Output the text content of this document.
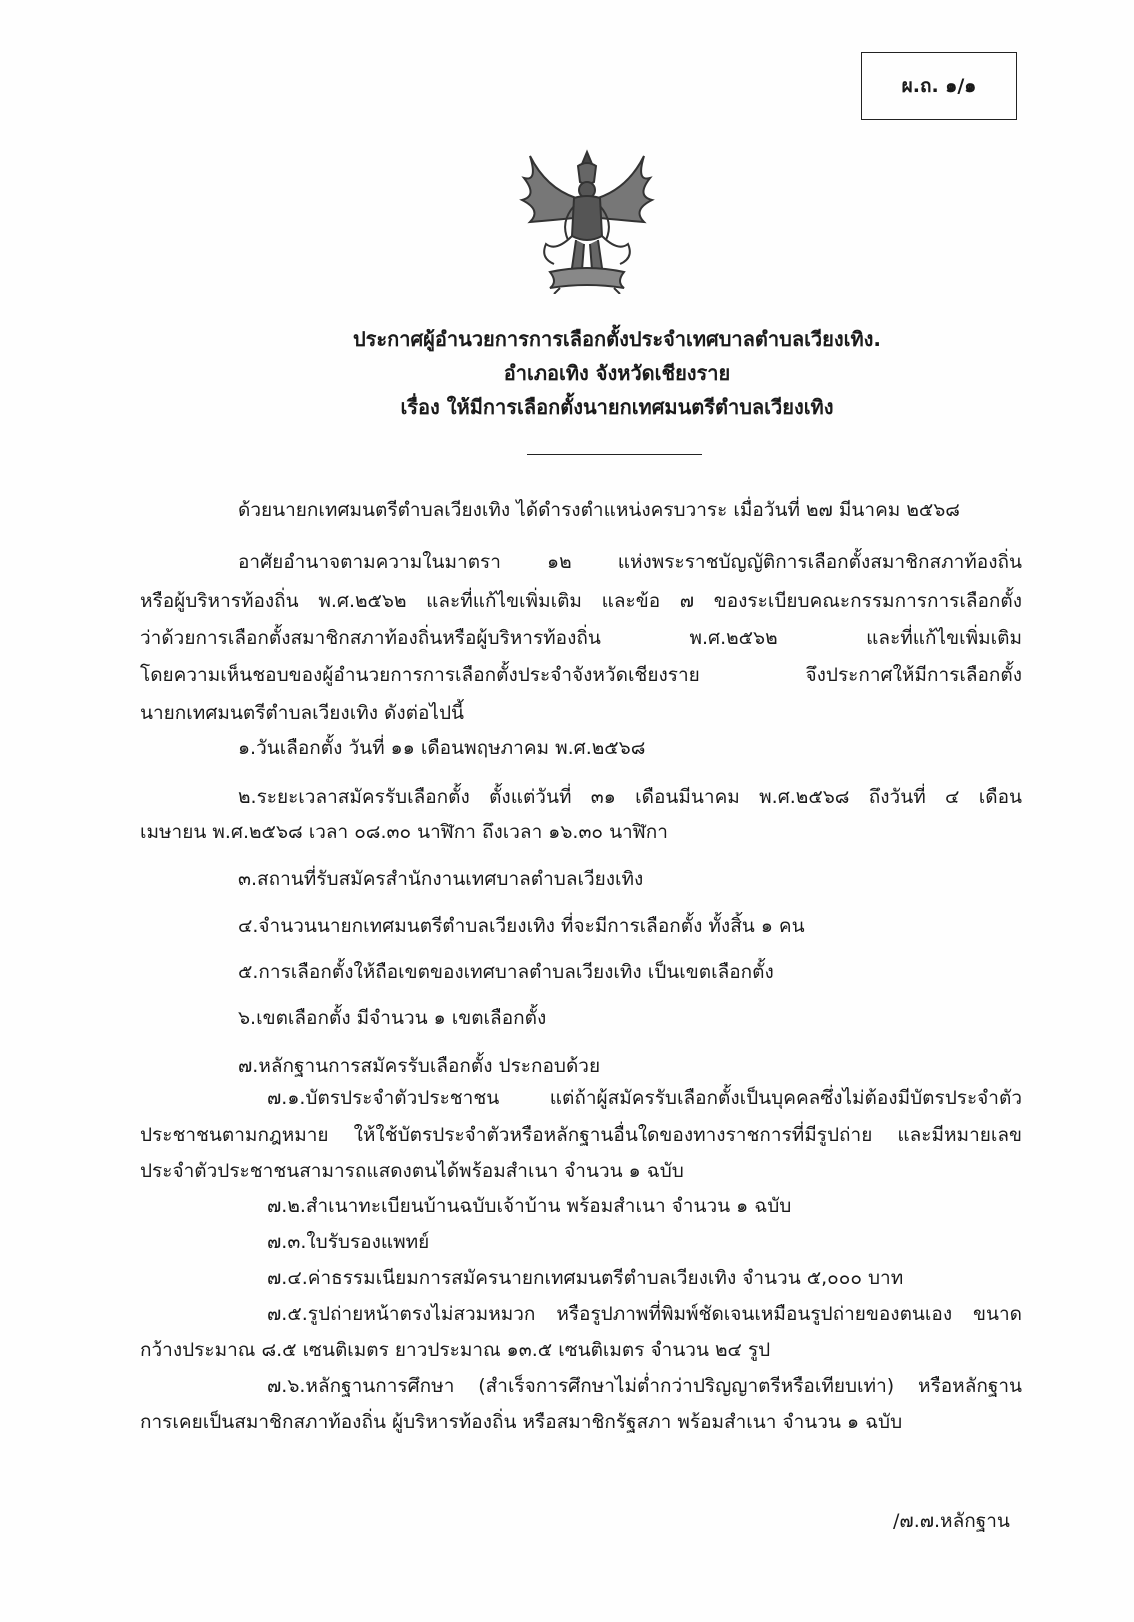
ผ.ถ. ๑/๑
ประกาศผู้อำนวยการการเลือกตั้งประจำเทศบาลตำบลเวียงเทิง.
อำเภอเทิง จังหวัดเชียงราย
เรื่อง ให้มีการเลือกตั้งนายกเทศมนตรีตำบลเวียงเทิง
ด้วยนายกเทศมนตรีตำบลเวียงเทิง ได้ดำรงตำแหน่งครบวาระ เมื่อวันที่ ๒๗ มีนาคม ๒๕๖๘
อาศัยอำนาจตามความในมาตรา ๑๒ แห่งพระราชบัญญัติการเลือกตั้งสมาชิกสภาท้องถิ่น
หรือผู้บริหารท้องถิ่น พ.ศ.๒๕๖๒ และที่แก้ไขเพิ่มเติม และข้อ ๗ ของระเบียบคณะกรรมการการเลือกตั้ง
ว่าด้วยการเลือกตั้งสมาชิกสภาท้องถิ่นหรือผู้บริหารท้องถิ่น พ.ศ.๒๕๖๒ และที่แก้ไขเพิ่มเติม
โดยความเห็นชอบของผู้อำนวยการการเลือกตั้งประจำจังหวัดเชียงราย จึงประกาศให้มีการเลือกตั้ง
นายกเทศมนตรีตำบลเวียงเทิง ดังต่อไปนี้
๑.วันเลือกตั้ง วันที่ ๑๑ เดือนพฤษภาคม พ.ศ.๒๕๖๘
๒.ระยะเวลาสมัครรับเลือกตั้ง ตั้งแต่วันที่ ๓๑ เดือนมีนาคม พ.ศ.๒๕๖๘ ถึงวันที่ ๔ เดือน
เมษายน พ.ศ.๒๕๖๘ เวลา ๐๘.๓๐ นาฬิกา ถึงเวลา ๑๖.๓๐ นาฬิกา
๓.สถานที่รับสมัครสำนักงานเทศบาลตำบลเวียงเทิง
๔.จำนวนนายกเทศมนตรีตำบลเวียงเทิง ที่จะมีการเลือกตั้ง ทั้งสิ้น ๑ คน
๕.การเลือกตั้งให้ถือเขตของเทศบาลตำบลเวียงเทิง เป็นเขตเลือกตั้ง
๖.เขตเลือกตั้ง มีจำนวน ๑ เขตเลือกตั้ง
๗.หลักฐานการสมัครรับเลือกตั้ง ประกอบด้วย
๗.๑.บัตรประจำตัวประชาชน แต่ถ้าผู้สมัครรับเลือกตั้งเป็นบุคคลซึ่งไม่ต้องมีบัตรประจำตัว
ประชาชนตามกฎหมาย ให้ใช้บัตรประจำตัวหรือหลักฐานอื่นใดของทางราชการที่มีรูปถ่าย และมีหมายเลข
ประจำตัวประชาชนสามารถแสดงตนได้พร้อมสำเนา จำนวน ๑ ฉบับ
๗.๒.สำเนาทะเบียนบ้านฉบับเจ้าบ้าน พร้อมสำเนา จำนวน ๑ ฉบับ
๗.๓.ใบรับรองแพทย์
๗.๔.ค่าธรรมเนียมการสมัครนายกเทศมนตรีตำบลเวียงเทิง จำนวน ๕,๐๐๐ บาท
๗.๕.รูปถ่ายหน้าตรงไม่สวมหมวก หรือรูปภาพที่พิมพ์ชัดเจนเหมือนรูปถ่ายของตนเอง ขนาด
กว้างประมาณ ๘.๕ เซนติเมตร ยาวประมาณ ๑๓.๕ เซนติเมตร จำนวน ๒๔ รูป
๗.๖.หลักฐานการศึกษา (สำเร็จการศึกษาไม่ต่ำกว่าปริญญาตรีหรือเทียบเท่า) หรือหลักฐาน
การเคยเป็นสมาชิกสภาท้องถิ่น ผู้บริหารท้องถิ่น หรือสมาชิกรัฐสภา พร้อมสำเนา จำนวน ๑ ฉบับ
/๗.๗.หลักฐาน
